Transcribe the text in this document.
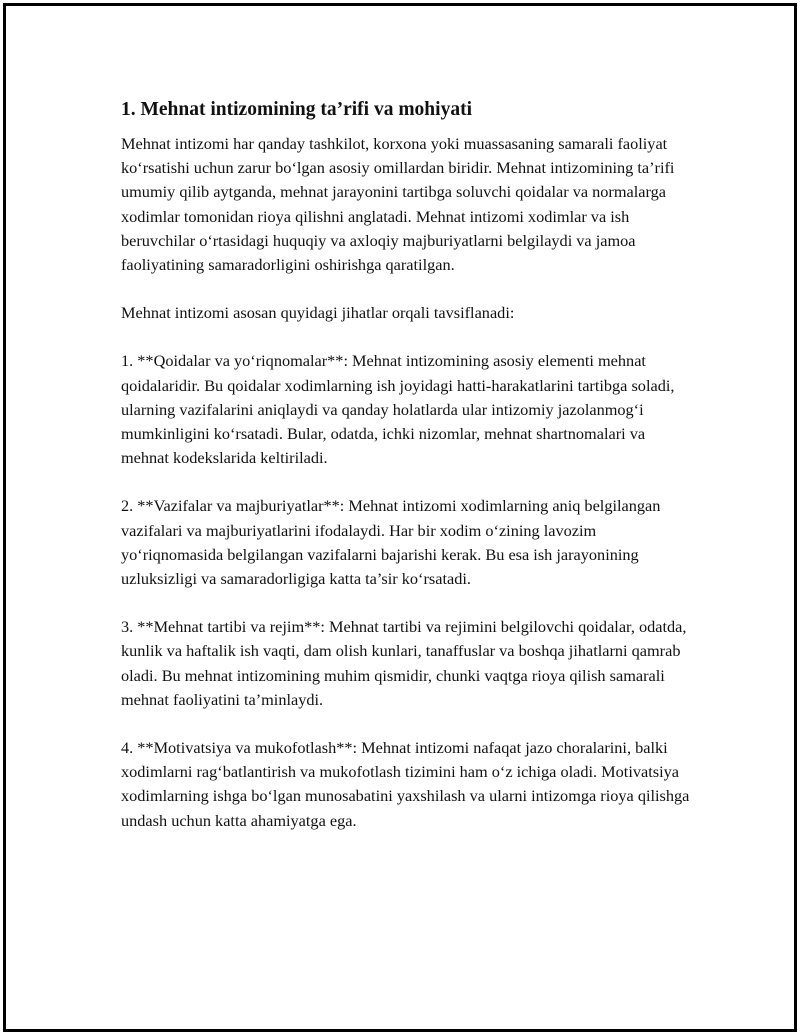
1. Mehnat intizomining ta’rifi va mohiyati

Mehnat intizomi har qanday tashkilot, korxona yoki muassasaning samarali faoliyat ko‘rsatishi uchun zarur bo‘lgan asosiy omillardan biridir. Mehnat intizomining ta’rifi umumiy qilib aytganda, mehnat jarayonini tartibga soluvchi qoidalar va normalarga xodimlar tomonidan rioya qilishni anglatadi. Mehnat intizomi xodimlar va ish beruvchilar o‘rtasidagi huquqiy va axloqiy majburiyatlarni belgilaydi va jamoa faoliyatining samaradorligini oshirishga qaratilgan.

Mehnat intizomi asosan quyidagi jihatlar orqali tavsiflanadi:

1. **Qoidalar va yo‘riqnomalar**: Mehnat intizomining asosiy elementi mehnat qoidalaridir. Bu qoidalar xodimlarning ish joyidagi hatti-harakatlarini tartibga soladi, ularning vazifalarini aniqlaydi va qanday holatlarda ular intizomiy jazolanmog‘i mumkinligini ko‘rsatadi. Bular, odatda, ichki nizomlar, mehnat shartnomalari va mehnat kodekslarida keltiriladi.

2. **Vazifalar va majburiyatlar**: Mehnat intizomi xodimlarning aniq belgilangan vazifalari va majburiyatlarini ifodalaydi. Har bir xodim o‘zining lavozim yo‘riqnomasida belgilangan vazifalarni bajarishi kerak. Bu esa ish jarayonining uzluksizligi va samaradorligiga katta ta’sir ko‘rsatadi.

3. **Mehnat tartibi va rejim**: Mehnat tartibi va rejimini belgilovchi qoidalar, odatda, kunlik va haftalik ish vaqti, dam olish kunlari, tanaffuslar va boshqa jihatlarni qamrab oladi. Bu mehnat intizomining muhim qismidir, chunki vaqtga rioya qilish samarali mehnat faoliyatini ta’minlaydi.

4. **Motivatsiya va mukofotlash**: Mehnat intizomi nafaqat jazo choralarini, balki xodimlarni rag‘batlantirish va mukofotlash tizimini ham o‘z ichiga oladi. Motivatsiya xodimlarning ishga bo‘lgan munosabatini yaxshilash va ularni intizomga rioya qilishga undash uchun katta ahamiyatga ega.
